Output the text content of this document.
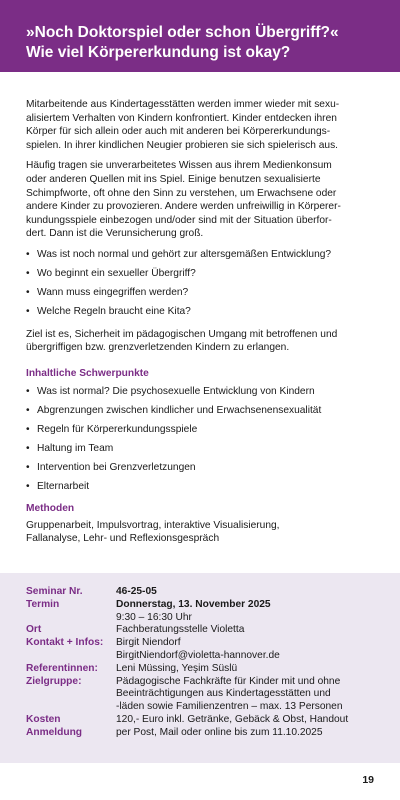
»Noch Doktorspiel oder schon Übergriff?«
Wie viel Körpererkundung ist okay?

Mitarbeitende aus Kindertagesstätten werden immer wieder mit sexu-
alisiertem Verhalten von Kindern konfrontiert. Kinder entdecken ihren
Körper für sich allein oder auch mit anderen bei Körpererkundungs-
spielen. In ihrer kindlichen Neugier probieren sie sich spielerisch aus.

Häufig tragen sie unverarbeitetes Wissen aus ihrem Medienkonsum
oder anderen Quellen mit ins Spiel. Einige benutzen sexualisierte
Schimpfworte, oft ohne den Sinn zu verstehen, um Erwachsene oder
andere Kinder zu provozieren. Andere werden unfreiwillig in Körperer-
kundungsspiele einbezogen und/oder sind mit der Situation überfor-
dert. Dann ist die Verunsicherung groß.

• Was ist noch normal und gehört zur altersgemäßen Entwicklung?
• Wo beginnt ein sexueller Übergriff?
• Wann muss eingegriffen werden?
• Welche Regeln braucht eine Kita?

Ziel ist es, Sicherheit im pädagogischen Umgang mit betroffenen und
übergriffigen bzw. grenzverletzenden Kindern zu erlangen.

Inhaltliche Schwerpunkte
• Was ist normal? Die psychosexuelle Entwicklung von Kindern
• Abgrenzungen zwischen kindlicher und Erwachsenensexualität
• Regeln für Körpererkundungsspiele
• Haltung im Team
• Intervention bei Grenzverletzungen
• Elternarbeit
Methoden

Gruppenarbeit, Impulsvortrag, interaktive Visualisierung,
Fallanalyse, Lehr- und Reflexionsgespräch

Seminar Nr.	46-25-05
Termin	Donnerstag, 13. November 2025
9:30 – 16:30 Uhr
Ort	Fachberatungsstelle Violetta
Kontakt + Infos:	Birgit Niendorf
BirgitNiendorf@violetta-hannover.de
Referentinnen:	Leni Müssing, Yeşim Süslü
Zielgruppe:	Pädagogische Fachkräfte für Kinder mit und ohne
Beeinträchtigungen aus Kindertagesstätten und
-läden sowie Familienzentren – max. 13 Personen
Kosten	120,- Euro inkl. Getränke, Gebäck & Obst, Handout
Anmeldung	per Post, Mail oder online bis zum 11.10.2025
19
